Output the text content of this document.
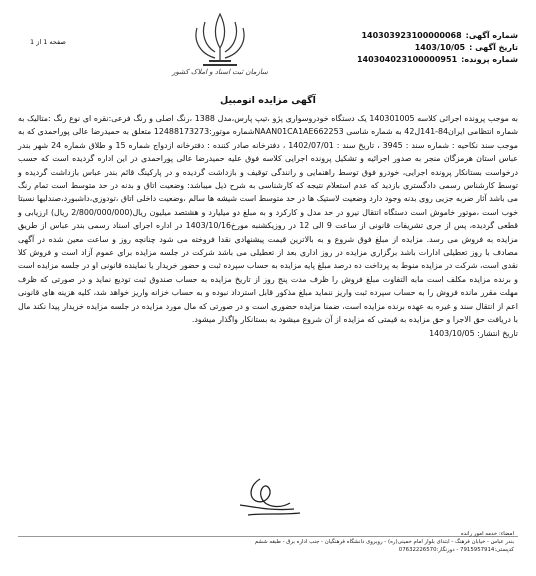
صفحه 1 از 1
سازمان ثبت اسناد و املاک کشور
شماره آگهی:
140303923100000068
تاریخ آگهی :
1403/10/05
شماره پرونده:
140304023100000951
آگهی مزایده اتومبیل

به موجب پرونده اجرائی کلاسه 140301005 یک دستگاه خودروسواری پژو ،تیپ پارس،مدل 1388 ،رنگ اصلی و رنگ فرعی:نقره ای نوع رنگ :متالیک به شماره انتظامی ایران84-141ل42 به شماره شاسی NAAN01CA1AE662253شماره موتور:12488173273 متعلق به حمیدرضا عالی پوراحمدی که به موجب سند نکاحیه : شماره سند : 3945 ، تاریخ سند : 1402/07/01 ، دفترخانه صادر کننده : دفترخانه ازدواج شماره 15 و طلاق شماره 24 شهر بندر عباس استان هرمزگان منجر به صدور اجرائیه و تشکیل پرونده اجرایی کلاسه فوق علیه حمیدرضا عالی پوراحمدی در این اداره گردیده است که حسب درخواست بستانکار پرونده اجرایی، خودرو فوق توسط راهنمایی و رانندگی توقیف و بازداشت گردیده و در پارکینگ قائم بندر عباس بازداشت گردیده و توسط کارشناس رسمی دادگستری بازدید که عدم استعلام نتیجه که کارشناسی به شرح ذیل میباشد: وضعیت اتاق و بدنه در حد متوسط است تمام رنگ می باشد آثار ضربه جزیی روی بدنه وجود دارد وضعیت لاستیک ها در حد متوسط است شیشه ها سالم ،وضعیت داخلی اتاق ،تودوزی،داشبورد،صندلیها نسبتا خوب است ،موتور خاموش است دستگاه انتقال نیرو در حد مدل و کارکرد و به مبلغ دو میلیارد و هشتصد میلیون ریال(2/800/000/000 ریال) ارزیابی و قطعی گردیده، پس از جری تشریفات قانونی از ساعت 9 الی 12 در روزیکشنبه مورخ1403/10/16 در اداره اجرای اسناد رسمی بندر عباس از طریق مزایده به فروش می رسد. مزایده از مبلغ فوق شروع و به بالاترین قیمت پیشنهادی نقدا فروخته می شود چنانچه روز و ساعت معین شده در آگهی مصادف با روز تعطیلی ادارات باشد برگزاری مزایده در روز اداری بعد از تعطیلی می باشد شرکت در جلسه مزایده برای عموم آزاد است و فروش کلا نقدی است، شرکت در مزایده منوط به پرداخت ده درصد مبلغ پایه مزایده به حساب سپرده ثبت و حضور خریدار یا نماینده قانونی او در جلسه مزایده است و برنده مزایده مکلف است مابه التفاوت مبلغ فروش را ظرف مدت پنج روز از تاریخ مزایده به حساب صندوق ثبت تودیع نماید و در صورتی که ظرف مهلت مقرر مانده فروش را به حساب سپرده ثبت واریز ننماید مبلغ مذکور قابل استرداد نبوده و به حساب خزانه واریز خواهد شد، کلیه هزینه های قانونی اعم از انتقال سند و غیره به عهده برنده مزایده است، ضمنا مزایده حضوری است و در صورتی که مال مورد مزایده در جلسه مزایده خریدار پیدا نکند مال با دریافت حق الاجرا و حق مزایده به قیمتی که مزایده از آن شروع میشود به بستانکار واگذار میشود.

تاریخ انتشار: 1403/10/05

امضاء: خدمه امور رانده
بندر عباس - خیابان فرهنگ - ابتدای بلوار امام خمینی(ره) - روبروی دانشگاه فرهنگیان - جنب اداره برق - طبقه ششم
کدپستی:7915957914 - دورنگار:07632226570
